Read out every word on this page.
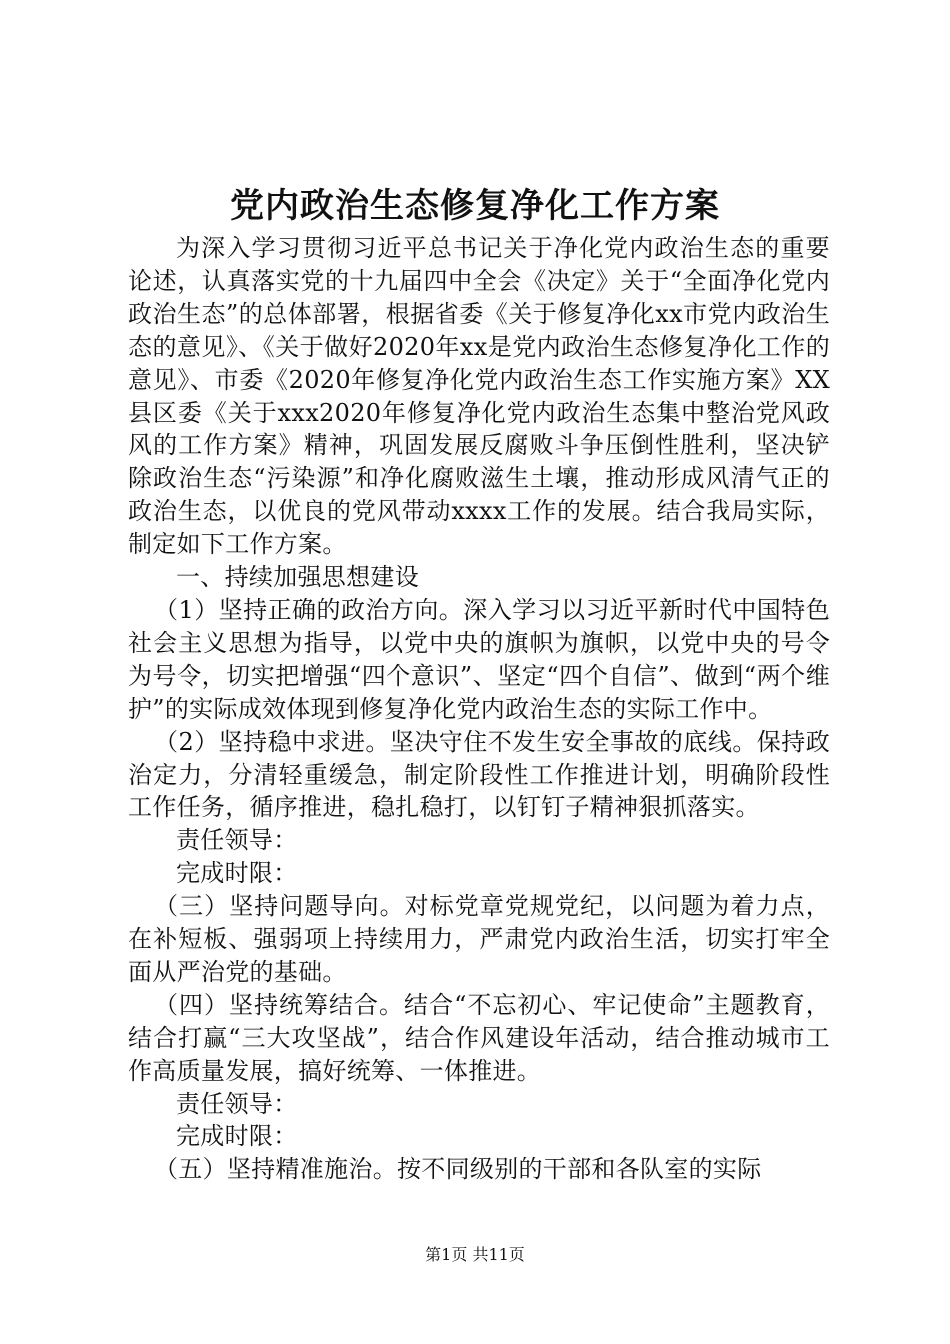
党内政治生态修复净化工作方案

为深入学习贯彻习近平总书记关于净化党内政治生态的重要论述，认真落实党的十九届四中全会《决定》关于“全面净化党内政治生态”的总体部署，根据省委《关于修复净化xx市党内政治生态的意见》、《关于做好2020年xx是党内政治生态修复净化工作的意见》、市委《2020年修复净化党内政治生态工作实施方案》XX县区委《关于xxx2020年修复净化党内政治生态集中整治党风政风的工作方案》精神，巩固发展反腐败斗争压倒性胜利，坚决铲除政治生态“污染源”和净化腐败滋生土壤，推动形成风清气正的政治生态，以优良的党风带动xxxx工作的发展。结合我局实际，制定如下工作方案。

一、持续加强思想建设

（1）坚持正确的政治方向。深入学习以习近平新时代中国特色社会主义思想为指导，以党中央的旗帜为旗帜，以党中央的号令为号令，切实把增强“四个意识”、坚定“四个自信”、做到“两个维护”的实际成效体现到修复净化党内政治生态的实际工作中。

（2）坚持稳中求进。坚决守住不发生安全事故的底线。保持政治定力，分清轻重缓急，制定阶段性工作推进计划，明确阶段性工作任务，循序推进，稳扎稳打，以钉钉子精神狠抓落实。

责任领导：

完成时限：

（三）坚持问题导向。对标党章党规党纪，以问题为着力点，在补短板、强弱项上持续用力，严肃党内政治生活，切实打牢全面从严治党的基础。

（四）坚持统筹结合。结合“不忘初心、牢记使命”主题教育，结合打赢“三大攻坚战”，结合作风建设年活动，结合推动城市工作高质量发展，搞好统筹、一体推进。

责任领导：

完成时限：

（五）坚持精准施治。按不同级别的干部和各队室的实际

第1页 共11页
